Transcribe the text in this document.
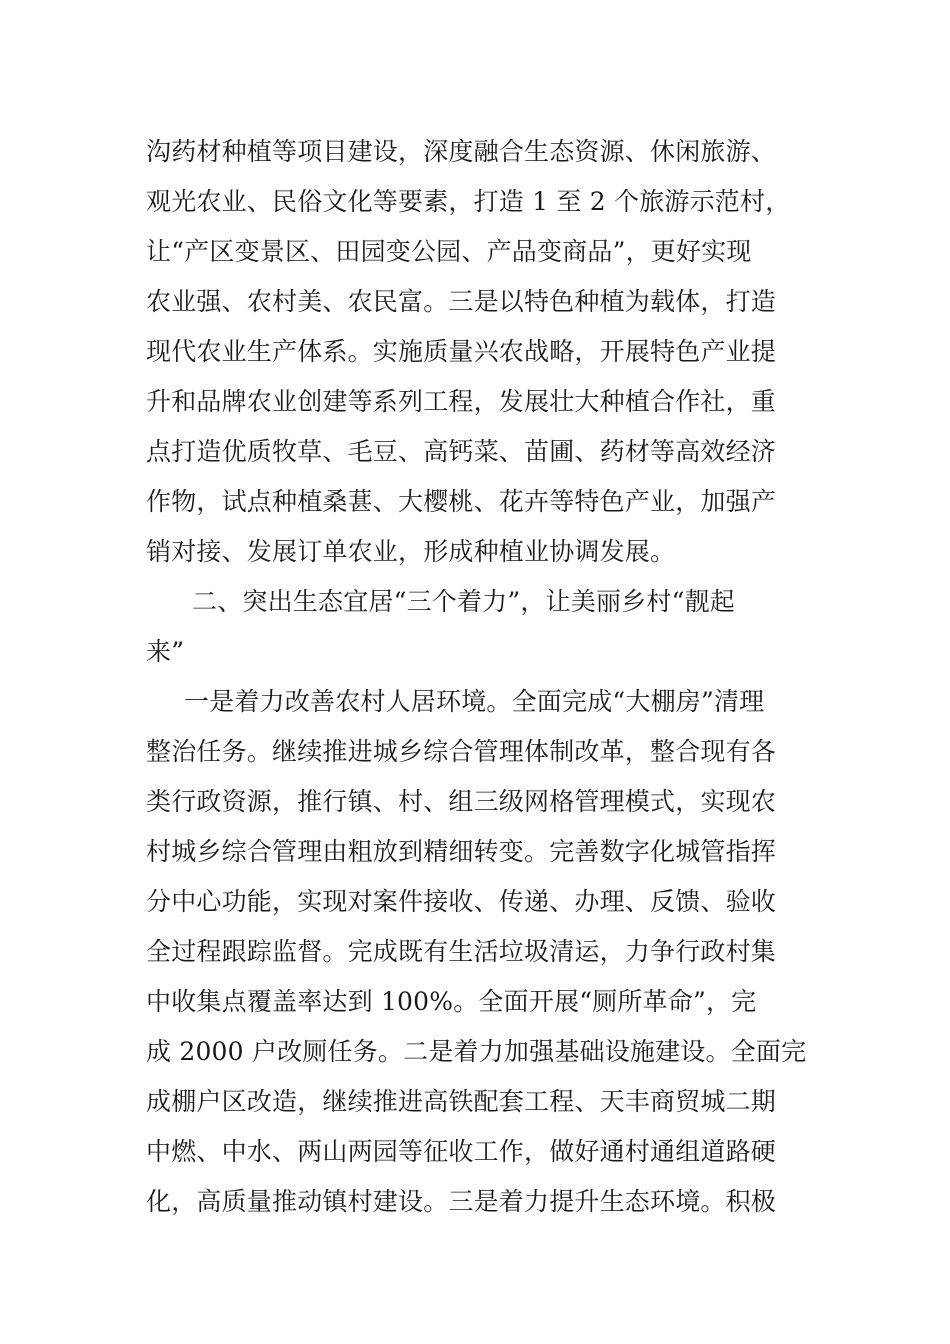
沟药材种植等项目建设，深度融合生态资源、休闲旅游、
观光农业、民俗文化等要素，打造 1 至 2 个旅游示范村，
让“产区变景区、田园变公园、产品变商品”，更好实现
农业强、农村美、农民富。三是以特色种植为载体，打造
现代农业生产体系。实施质量兴农战略，开展特色产业提
升和品牌农业创建等系列工程，发展壮大种植合作社，重
点打造优质牧草、毛豆、高钙菜、苗圃、药材等高效经济
作物，试点种植桑葚、大樱桃、花卉等特色产业，加强产
销对接、发展订单农业，形成种植业协调发展。
二、突出生态宜居“三个着力”，让美丽乡村“靓起
来”
一是着力改善农村人居环境。全面完成“大棚房”清理
整治任务。继续推进城乡综合管理体制改革，整合现有各
类行政资源，推行镇、村、组三级网格管理模式，实现农
村城乡综合管理由粗放到精细转变。完善数字化城管指挥
分中心功能，实现对案件接收、传递、办理、反馈、验收
全过程跟踪监督。完成既有生活垃圾清运，力争行政村集
中收集点覆盖率达到 100%。全面开展“厕所革命”，完
成 2000 户改厕任务。二是着力加强基础设施建设。全面完
成棚户区改造，继续推进高铁配套工程、天丰商贸城二期
中燃、中水、两山两园等征收工作，做好通村通组道路硬
化，高质量推动镇村建设。三是着力提升生态环境。积极
